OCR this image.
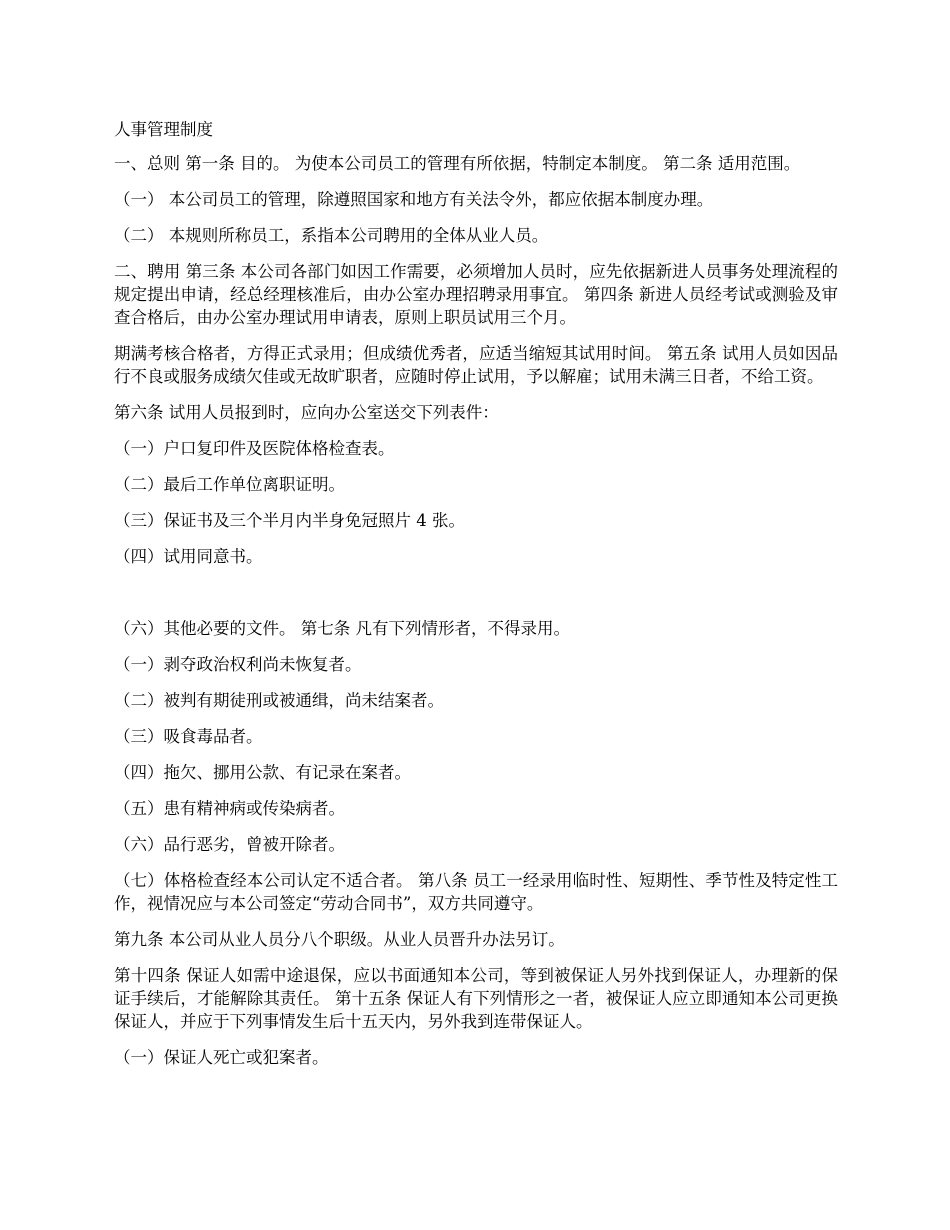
人事管理制度
一、总则 第一条 目的。 为使本公司员工的管理有所依据，特制定本制度。 第二条 适用范围。
（一） 本公司员工的管理，除遵照国家和地方有关法令外，都应依据本制度办理。
（二） 本规则所称员工，系指本公司聘用的全体从业人员。
二、聘用 第三条 本公司各部门如因工作需要，必须增加人员时，应先依据新进人员事务处理流程的规定提出申请，经总经理核准后，由办公室办理招聘录用事宜。 第四条 新进人员经考试或测验及审查合格后，由办公室办理试用申请表，原则上职员试用三个月。
期满考核合格者，方得正式录用；但成绩优秀者，应适当缩短其试用时间。 第五条 试用人员如因品行不良或服务成绩欠佳或无故旷职者，应随时停止试用，予以解雇；试用未满三日者，不给工资。
第六条 试用人员报到时，应向办公室送交下列表件：
（一）户口复印件及医院体格检查表。
（二）最后工作单位离职证明。
（三）保证书及三个半月内半身免冠照片 4 张。
（四）试用同意书。
（六）其他必要的文件。 第七条 凡有下列情形者，不得录用。
（一）剥夺政治权利尚未恢复者。
（二）被判有期徒刑或被通缉，尚未结案者。
（三）吸食毒品者。
（四）拖欠、挪用公款、有记录在案者。
（五）患有精神病或传染病者。
（六）品行恶劣，曾被开除者。
（七）体格检查经本公司认定不适合者。 第八条 员工一经录用临时性、短期性、季节性及特定性工作，视情况应与本公司签定“劳动合同书”，双方共同遵守。
第九条 本公司从业人员分八个职级。从业人员晋升办法另订。
第十四条 保证人如需中途退保，应以书面通知本公司，等到被保证人另外找到保证人，办理新的保证手续后，才能解除其责任。 第十五条 保证人有下列情形之一者，被保证人应立即通知本公司更换保证人，并应于下列事情发生后十五天内，另外我到连带保证人。
（一）保证人死亡或犯案者。
